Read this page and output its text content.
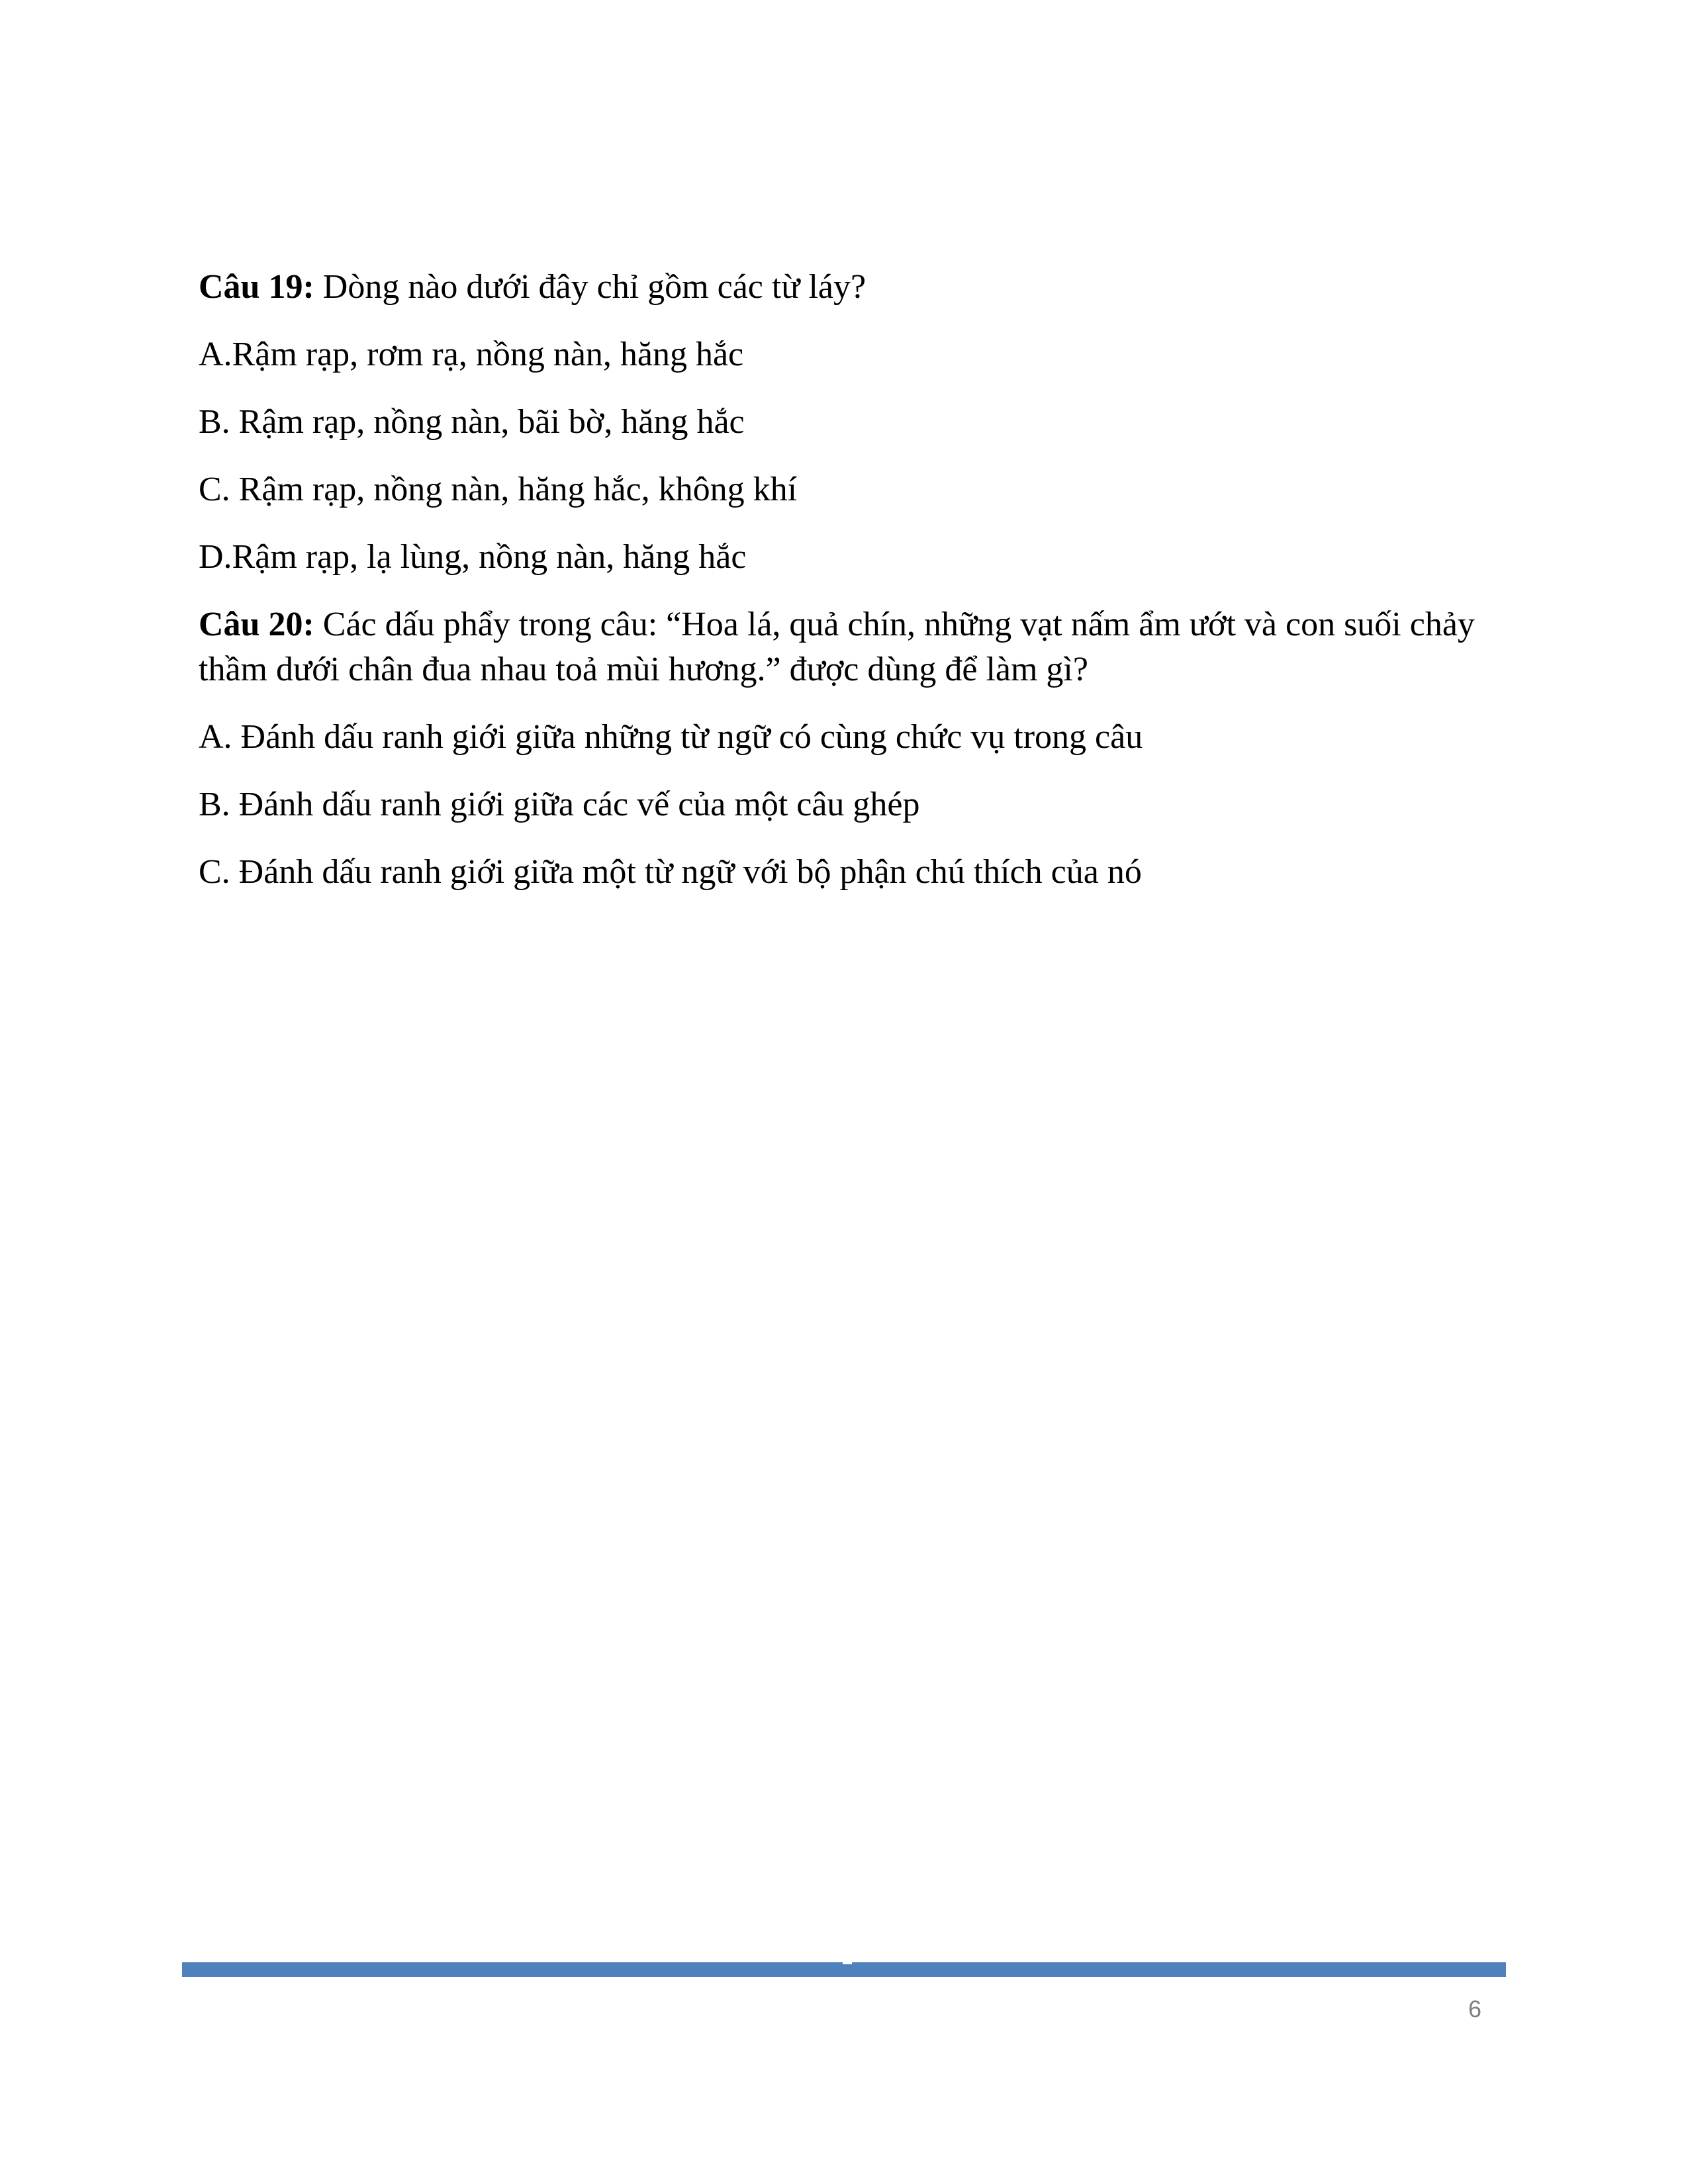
Câu 19: Dòng nào dưới đây chỉ gồm các từ láy?

A.Rậm rạp, rơm rạ, nồng nàn, hăng hắc

B. Rậm rạp, nồng nàn, bãi bờ, hăng hắc

C. Rậm rạp, nồng nàn, hăng hắc, không khí

D.Rậm rạp, lạ lùng, nồng nàn, hăng hắc

Câu 20: Các dấu phẩy trong câu: “Hoa lá, quả chín, những vạt nấm ẩm ướt và con suối chảy thầm dưới chân đua nhau toả mùi hương.” được dùng để làm gì?

A. Đánh dấu ranh giới giữa những từ ngữ có cùng chức vụ trong câu

B. Đánh dấu ranh giới giữa các vế của một câu ghép

C. Đánh dấu ranh giới giữa một từ ngữ với bộ phận chú thích của nó

6
